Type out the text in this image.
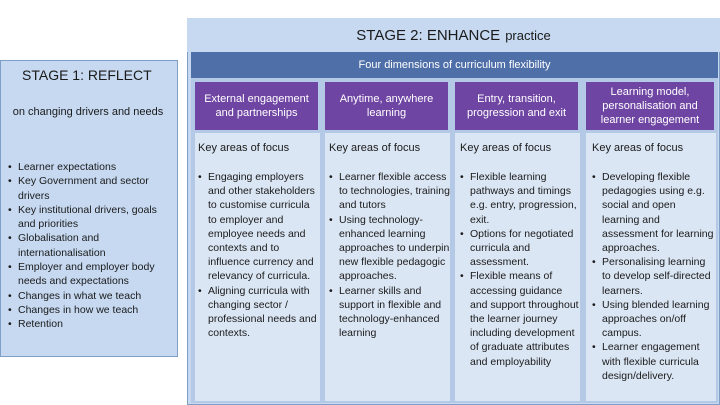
STAGE 2: ENHANCE practice
Four dimensions of curriculum flexibility
External engagement and partnerships
Key areas of focus
• Engaging employers and other stakeholders to customise curricula to employer and employee needs and contexts and to influence currency and relevancy of curricula.
• Aligning curricula with changing sector / professional needs and contexts.
Anytime, anywhere learning
Key areas of focus
• Learner flexible access to technologies, training and tutors
• Using technology-enhanced learning approaches to underpin new flexible pedagogic approaches.
• Learner skills and support in flexible and technology-enhanced learning
Entry, transition, progression and exit
Key areas of focus
• Flexible learning pathways and timings e.g. entry, progression, exit.
• Options for negotiated curricula and assessment.
• Flexible means of accessing guidance and support throughout the learner journey including development of graduate attributes and employability
Learning model, personalisation and learner engagement
Key areas of focus
• Developing flexible pedagogies using e.g. social and open learning and assessment for learning approaches.
• Personalising learning to develop self-directed learners.
• Using blended learning approaches on/off campus.
• Learner engagement with flexible curricula design/delivery.
STAGE 1: REFLECT
on changing drivers and needs
• Learner expectations
• Key Government and sector drivers
• Key institutional drivers, goals and priorities
• Globalisation and internationalisation
• Employer and employer body needs and expectations
• Changes in what we teach
• Changes in how we teach
• Retention
